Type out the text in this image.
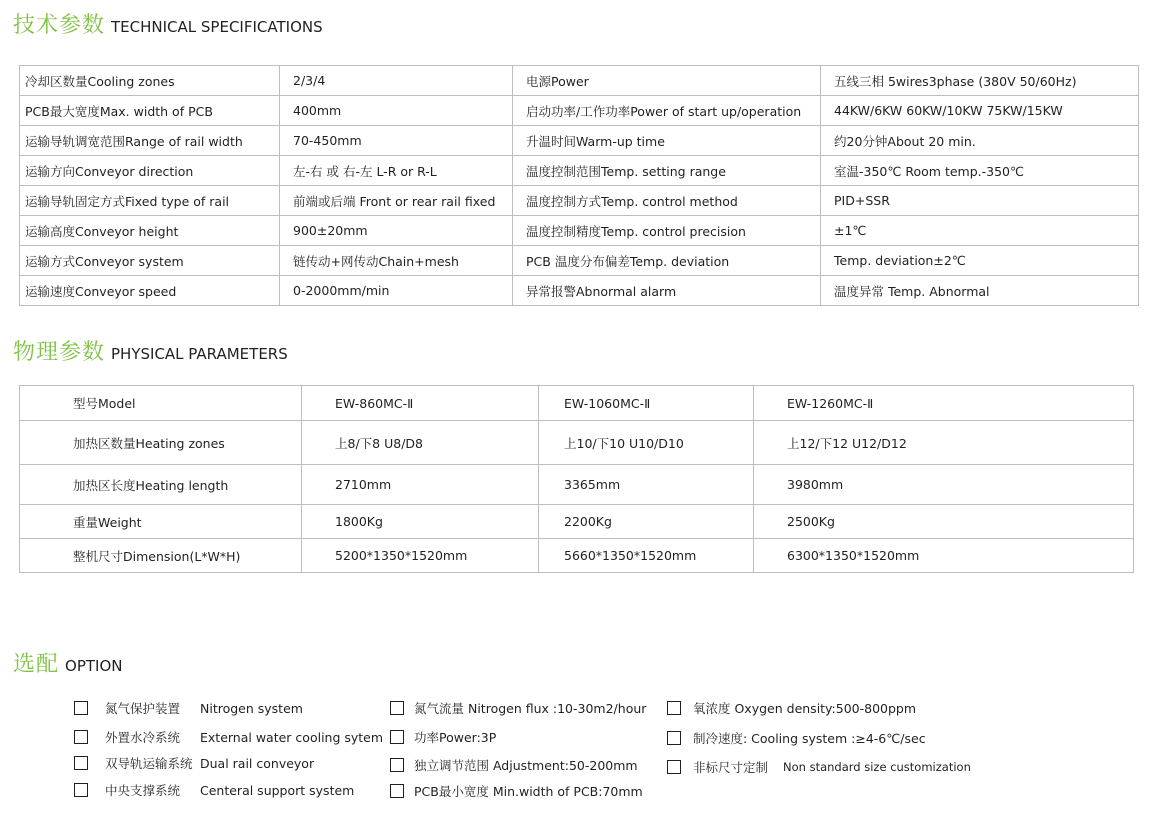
技术参数 TECHNICAL SPECIFICATIONS
冷却区数量Cooling zones	2/3/4	电源Power	五线三相 5wires3phase (380V 50/60Hz)
PCB最大宽度Max. width of PCB	400mm	启动功率/工作功率Power of start up/operation	44KW/6KW 60KW/10KW 75KW/15KW
运输导轨调宽范围Range of rail width	70-450mm	升温时间Warm-up time	约20分钟About 20 min.
运输方向Conveyor direction	左-右 或 右-左 L-R or R-L	温度控制范围Temp. setting range	室温-350℃ Room temp.-350℃
运输导轨固定方式Fixed type of rail	前端或后端 Front or rear rail fixed	温度控制方式Temp. control method	PID+SSR
运输高度Conveyor height	900±20mm	温度控制精度Temp. control precision	±1℃
运输方式Conveyor system	链传动+网传动Chain+mesh	PCB 温度分布偏差Temp. deviation	Temp. deviation±2℃
运输速度Conveyor speed	0-2000mm/min	异常报警Abnormal alarm	温度异常 Temp. Abnormal
物理参数 PHYSICAL PARAMETERS
型号Model	EW-860MC-Ⅱ	EW-1060MC-Ⅱ	EW-1260MC-Ⅱ
加热区数量Heating zones	上8/下8 U8/D8	上10/下10 U10/D10	上12/下12 U12/D12
加热区长度Heating length	2710mm	3365mm	3980mm
重量Weight	1800Kg	2200Kg	2500Kg
整机尺寸Dimension(L*W*H)	5200*1350*1520mm	5660*1350*1520mm	6300*1350*1520mm
选配 OPTION
氮气保护装置	Nitrogen system
外置水冷系统	External water cooling sytem
双导轨运输系统 Dual rail conveyor
中央支撑系统	Centeral support system
氮气流量 Nitrogen flux :10-30m2/hour
功率Power:3P
独立调节范围 Adjustment:50-200mm
PCB最小宽度 Min.width of PCB:70mm
氧浓度 Oxygen density:500-800ppm
制冷速度: Cooling system :≥4-6℃/sec
非标尺寸定制	Non standard size customization
